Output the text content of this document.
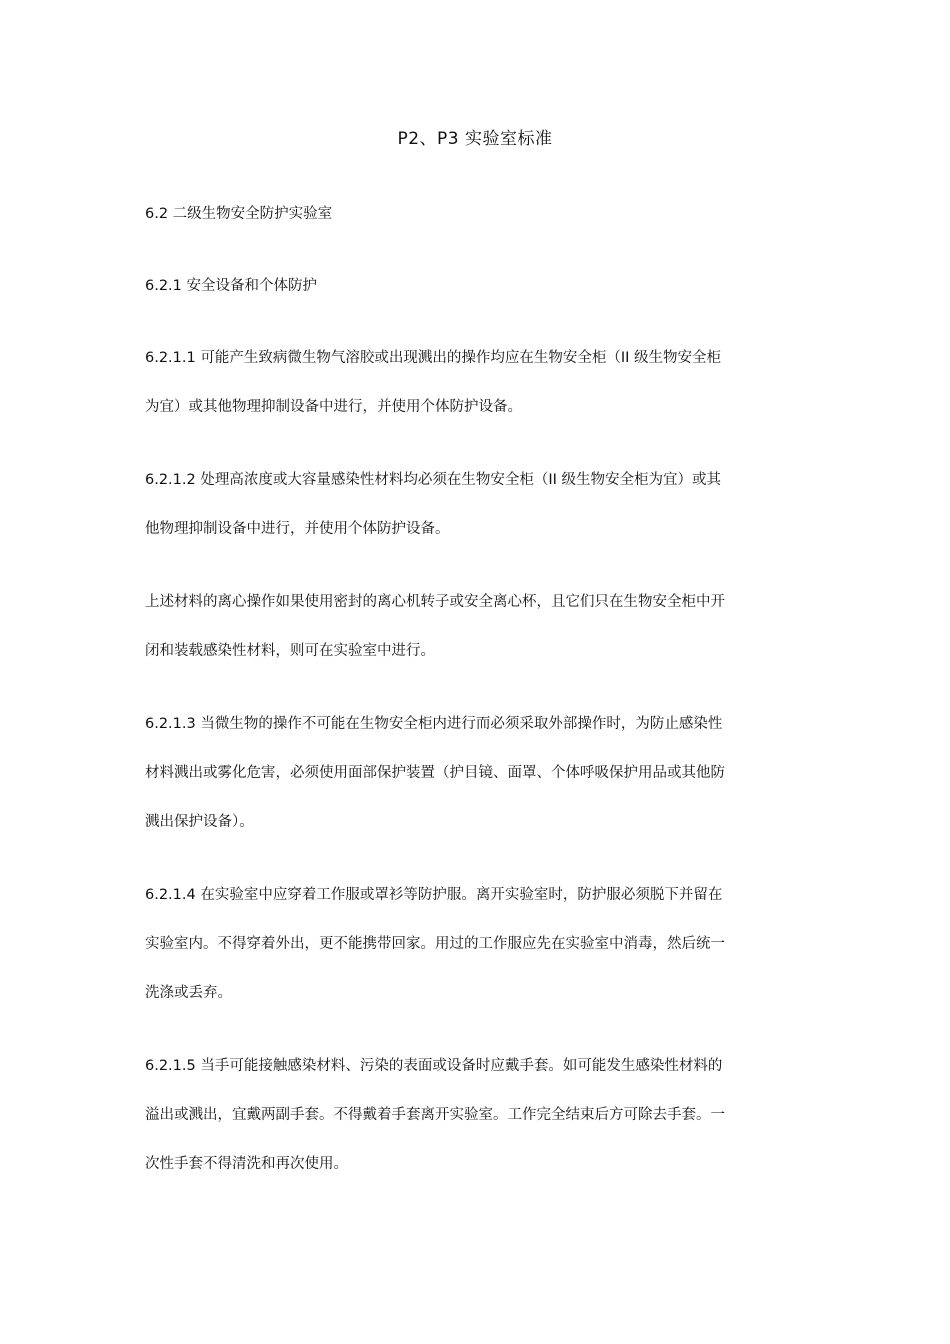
P2、P3 实验室标准
6.2 二级生物安全防护实验室
6.2.1 安全设备和个体防护
6.2.1.1 可能产生致病微生物气溶胶或出现溅出的操作均应在生物安全柜（II 级生物安全柜
为宜）或其他物理抑制设备中进行，并使用个体防护设备。
6.2.1.2 处理高浓度或大容量感染性材料均必须在生物安全柜（II 级生物安全柜为宜）或其
他物理抑制设备中进行，并使用个体防护设备。
上述材料的离心操作如果使用密封的离心机转子或安全离心杯，且它们只在生物安全柜中开
闭和装载感染性材料，则可在实验室中进行。
6.2.1.3 当微生物的操作不可能在生物安全柜内进行而必须采取外部操作时，为防止感染性
材料溅出或雾化危害，必须使用面部保护装置（护目镜、面罩、个体呼吸保护用品或其他防
溅出保护设备）。
6.2.1.4 在实验室中应穿着工作服或罩衫等防护服。离开实验室时，防护服必须脱下并留在
实验室内。不得穿着外出，更不能携带回家。用过的工作服应先在实验室中消毒，然后统一
洗涤或丢弃。
6.2.1.5 当手可能接触感染材料、污染的表面或设备时应戴手套。如可能发生感染性材料的
溢出或溅出，宜戴两副手套。不得戴着手套离开实验室。工作完全结束后方可除去手套。一
次性手套不得清洗和再次使用。
